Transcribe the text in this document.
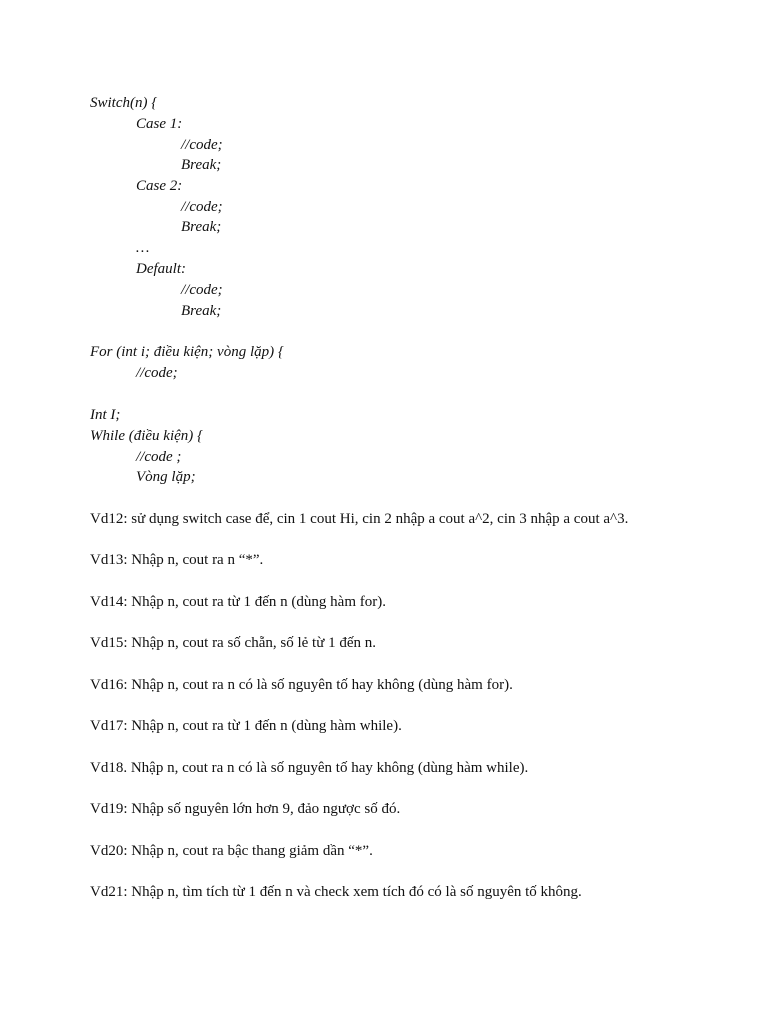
Switch(n) {
Case 1:
//code;
Break;
Case 2:
//code;
Break;
…
Default:
//code;
Break;
For (int i; điều kiện; vòng lặp) {
//code;
Int I;
While (điều kiện) {
//code ;
Vòng lặp;
Vd12: sử dụng switch case để, cin 1 cout Hi, cin 2 nhập a cout a^2, cin 3 nhập a cout a^3.
Vd13: Nhập n, cout ra n “*”.
Vd14: Nhập n, cout ra từ 1 đến n (dùng hàm for).
Vd15: Nhập n, cout ra số chẵn, số lẻ từ 1 đến n.
Vd16: Nhập n, cout ra n có là số nguyên tố hay không (dùng hàm for).
Vd17: Nhập n, cout ra từ 1 đến n (dùng hàm while).
Vd18. Nhập n, cout ra n có là số nguyên tố hay không (dùng hàm while).
Vd19: Nhập số nguyên lớn hơn 9, đảo ngược số đó.
Vd20: Nhập n, cout ra bậc thang giảm dần “*”.
Vd21: Nhập n, tìm tích từ 1 đến n và check xem tích đó có là số nguyên tố không.
